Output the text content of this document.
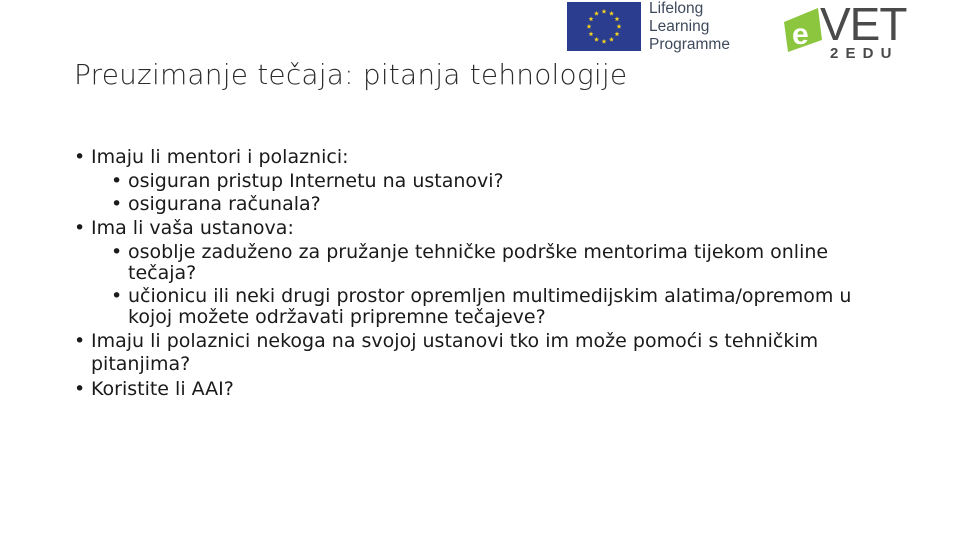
Lifelong
Learning
Programme e VET
2 E D U
Preuzimanje tečaja: pitanja tehnologije
• Imaju li mentori i polaznici:
• osiguran pristup Internetu na ustanovi?
• osigurana računala?
• Ima li vaša ustanova:
• osoblje zaduženo za pružanje tehničke podrške mentorima tijekom online tečaja?
• učionicu ili neki drugi prostor opremljen multimedijskim alatima/opremom u kojoj možete održavati pripremne tečajeve?
• Imaju li polaznici nekoga na svojoj ustanovi tko im može pomoći s tehničkim pitanjima?
• Koristite li AAI?
